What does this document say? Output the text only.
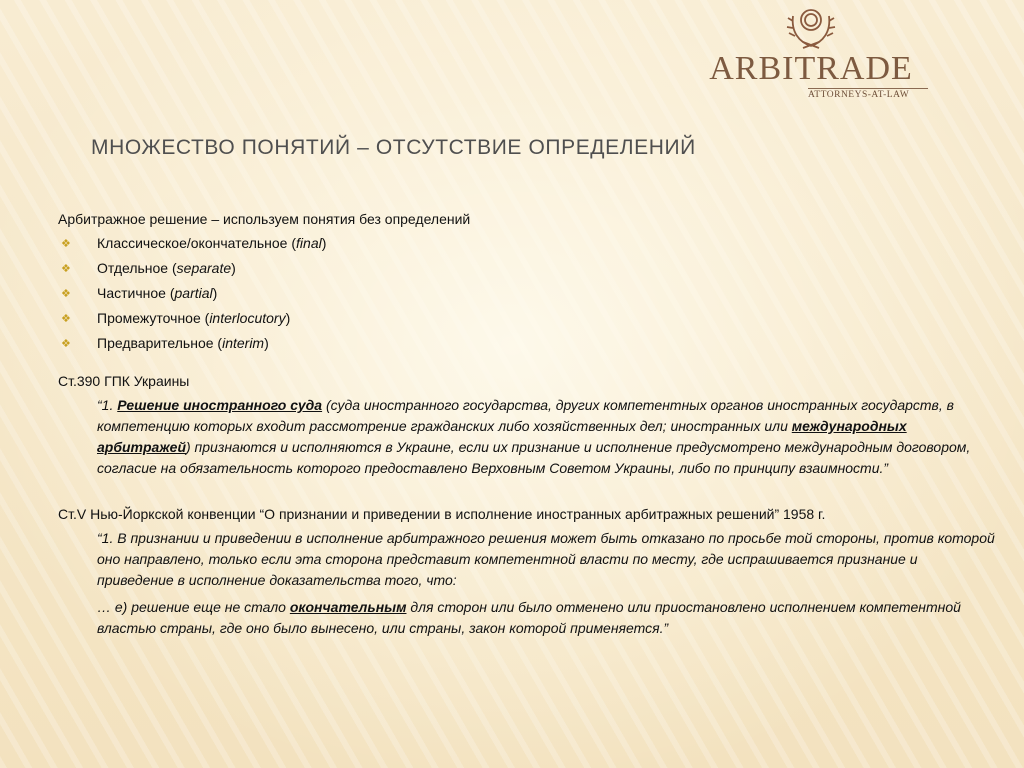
ARBITRADE
ATTORNEYS-AT-LAW
МНОЖЕСТВО ПОНЯТИЙ – ОТСУТСТВИЕ ОПРЕДЕЛЕНИЙ
Арбитражное решение – используем понятия без определений
❖ Классическое/окончательное (final)
❖ Отдельное (separate)
❖ Частичное (partial)
❖ Промежуточное (interlocutory)
❖ Предварительное (interim)
Ст.390 ГПК Украины
“1. Решение иностранного суда (суда иностранного государства, других компетентных органов иностранных государств, в компетенцию которых входит рассмотрение гражданских либо хозяйственных дел; иностранных или международных арбитражей) признаются и исполняются в Украине, если их признание и исполнение предусмотрено международным договором, согласие на обязательность которого предоставлено Верховным Советом Украины, либо по принципу взаимности.”
Ст.V Нью-Йоркской конвенции “О признании и приведении в исполнение иностранных арбитражных решений” 1958 г.
“1. В признании и приведении в исполнение арбитражного решения может быть отказано по просьбе той стороны, против которой оно направлено, только если эта сторона представит компетентной власти по месту, где испрашивается признание и приведение в исполнение доказательства того, что:
… е) решение еще не стало окончательным для сторон или было отменено или приостановлено исполнением компетентной властью страны, где оно было вынесено, или страны, закон которой применяется.”
